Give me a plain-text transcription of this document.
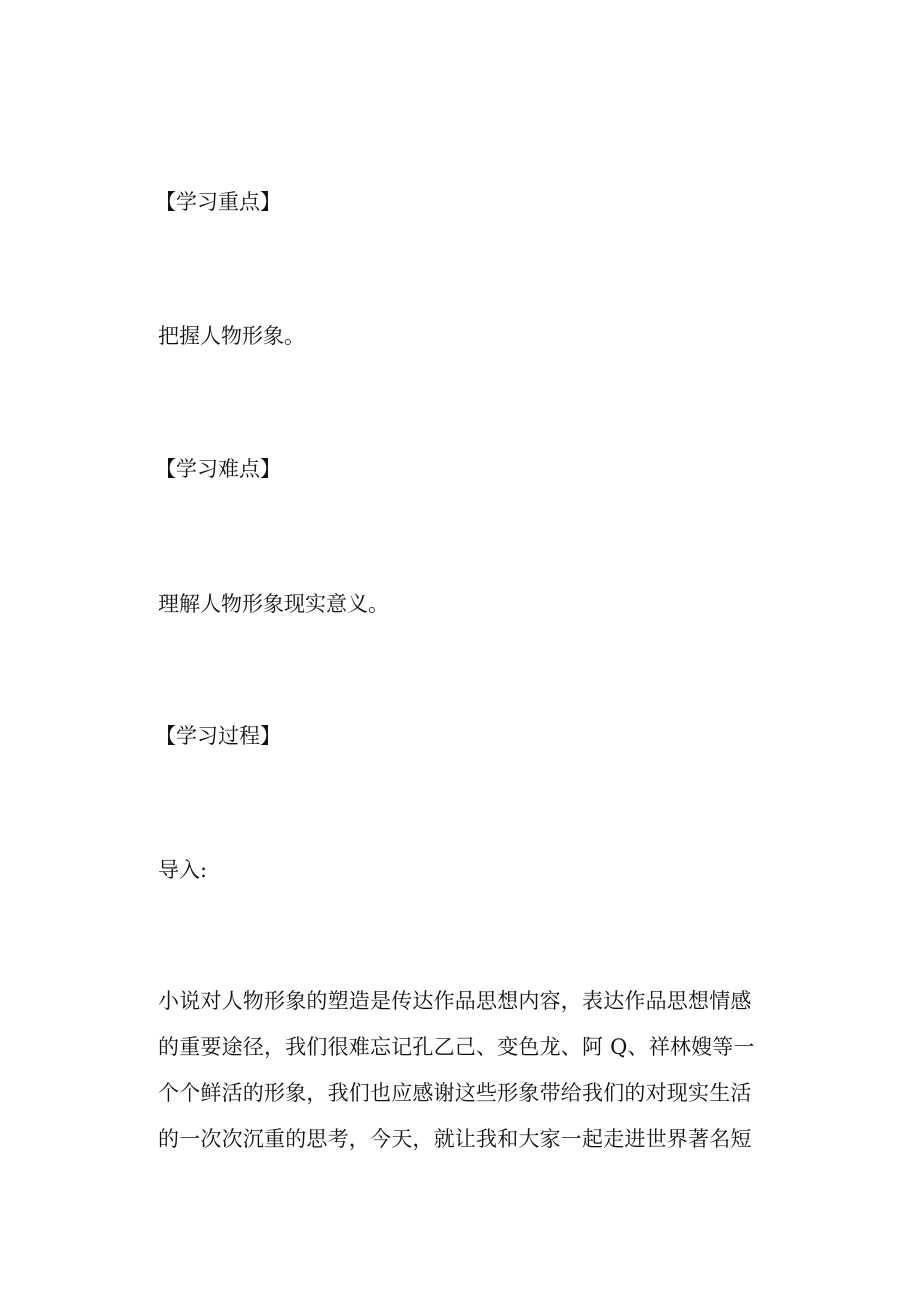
【学习重点】

把握人物形象。

【学习难点】

理解人物形象现实意义。

【学习过程】

导入:

小说对人物形象的塑造是传达作品思想内容，表达作品思想情感
的重要途径，我们很难忘记孔乙己、变色龙、阿 Q、祥林嫂等一
个个鲜活的形象，我们也应感谢这些形象带给我们的对现实生活
的一次次沉重的思考，今天，就让我和大家一起走进世界著名短
